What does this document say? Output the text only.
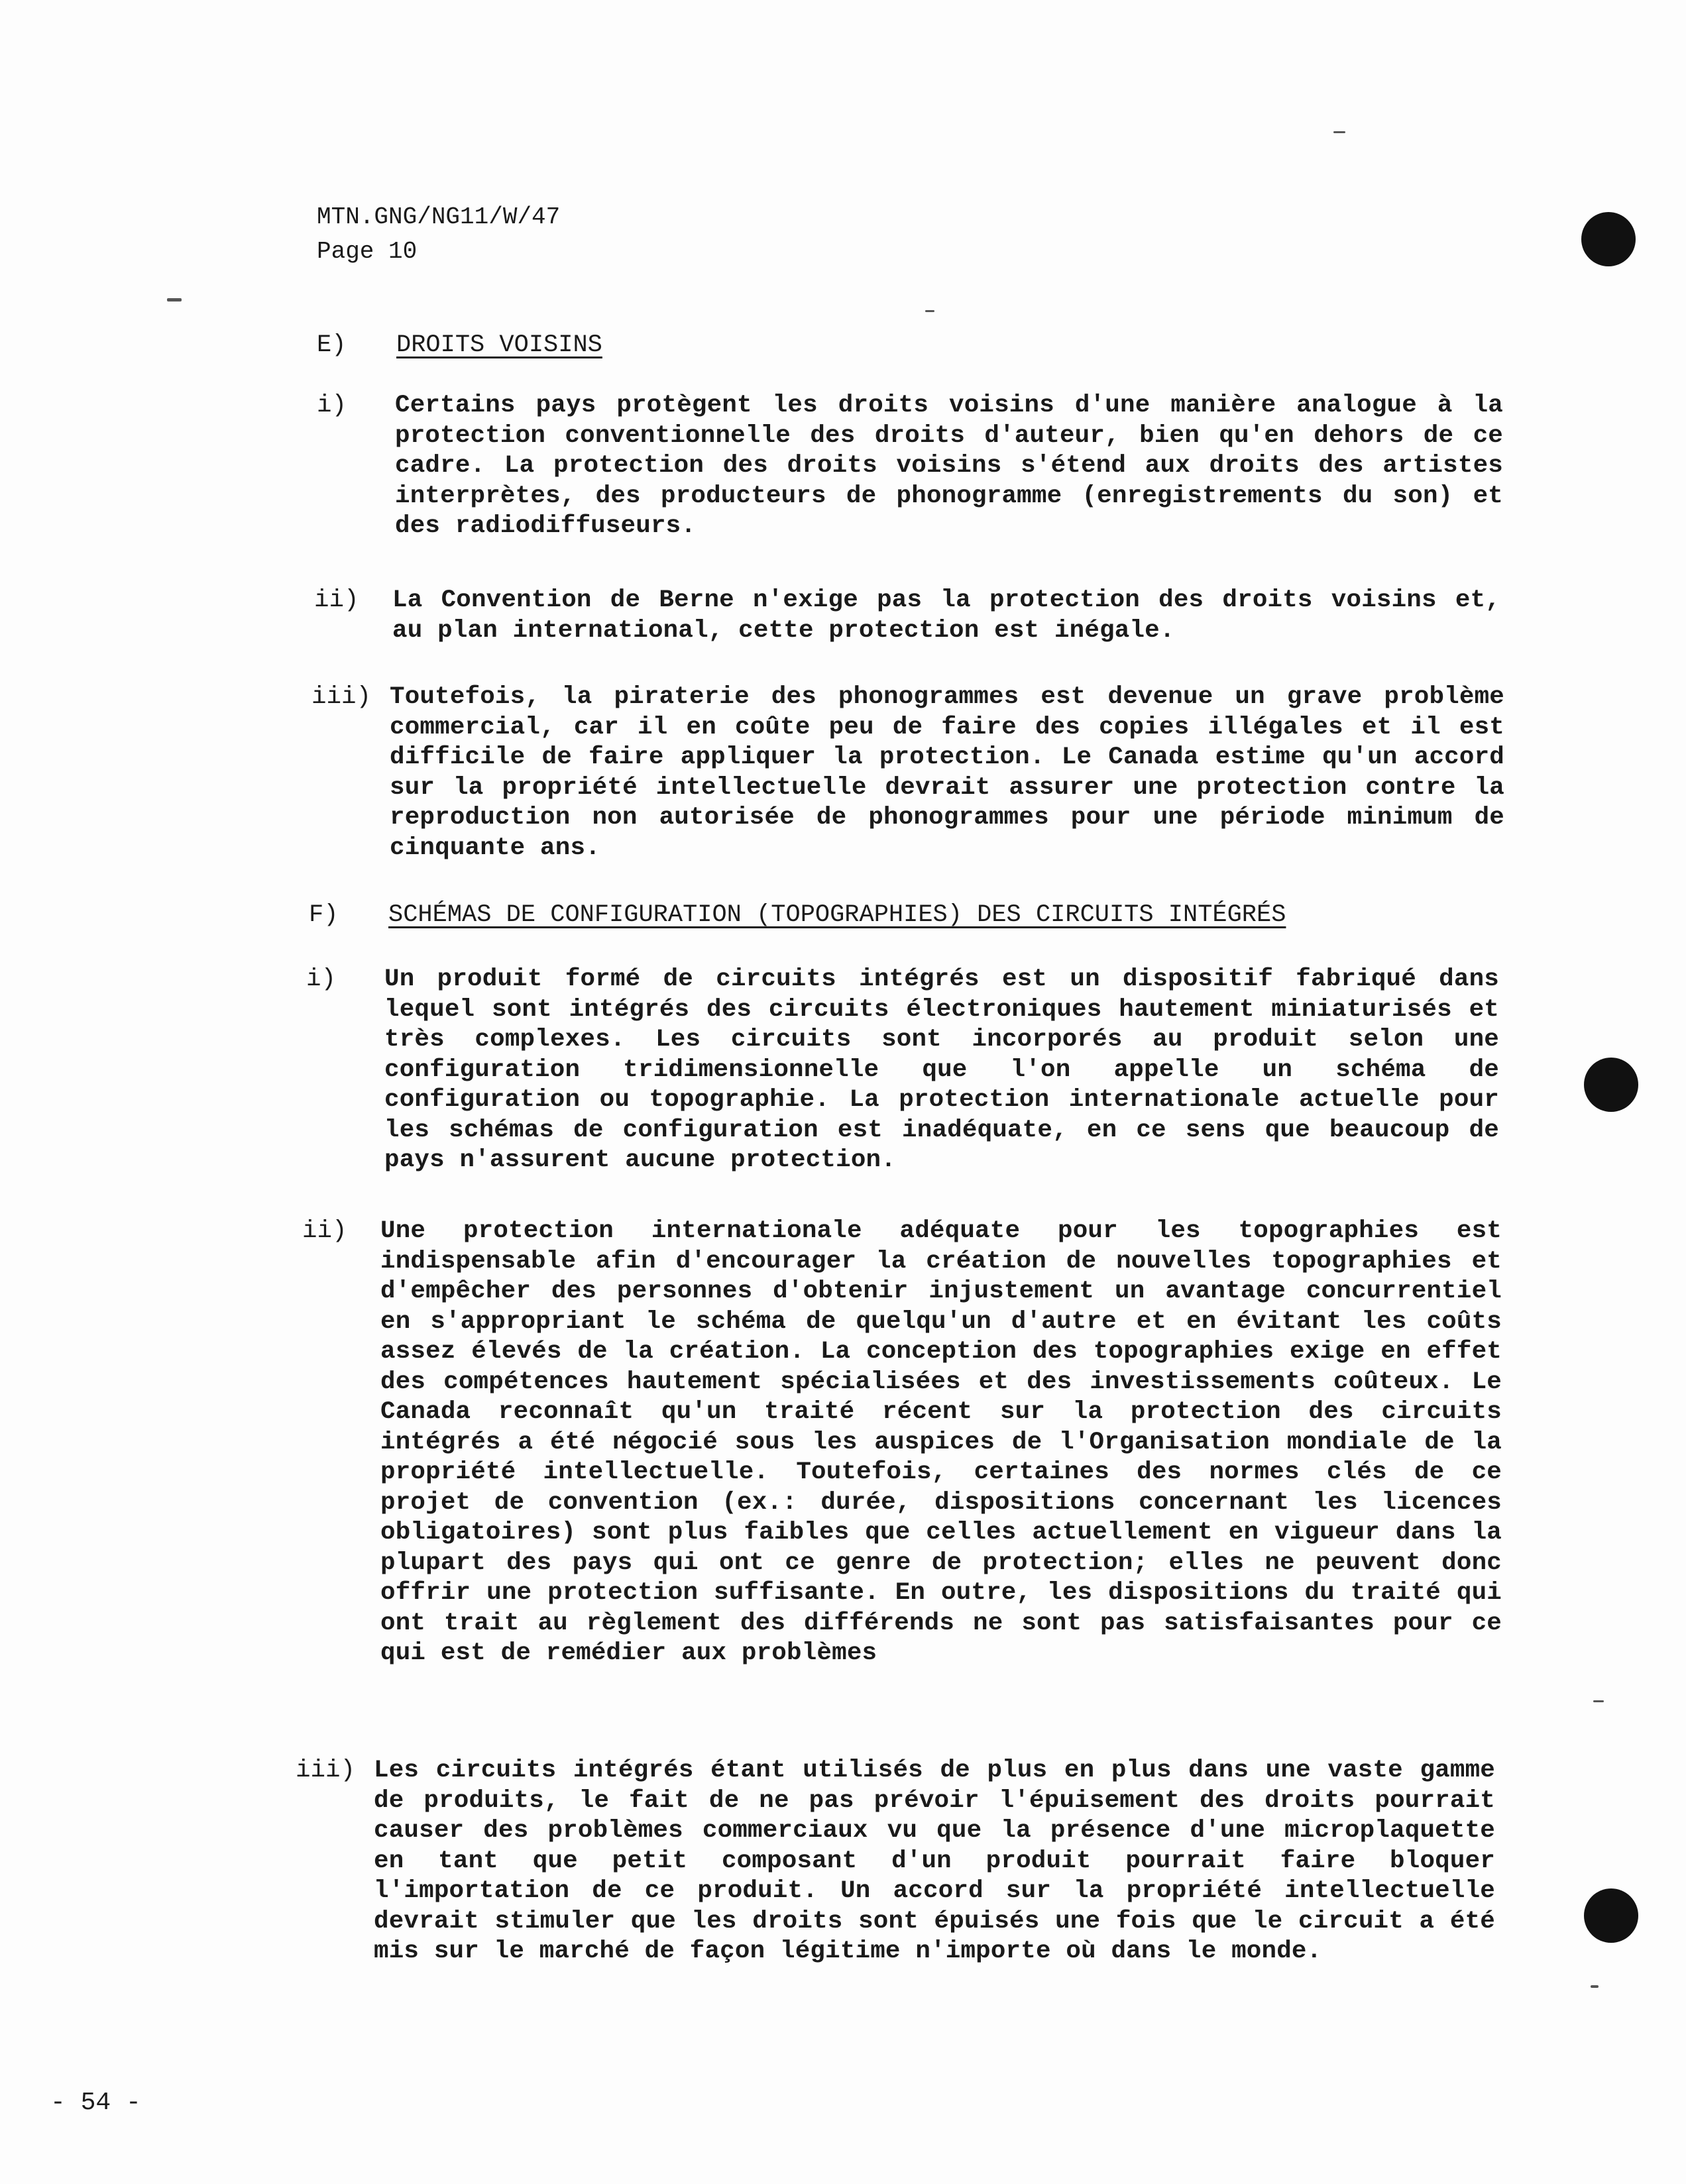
MTN.GNG/NG11/W/47
Page 10
E)	DROITS VOISINS
i)	Certains pays protègent les droits voisins d'une manière analogue à la protection conventionnelle des droits d'auteur, bien qu'en dehors de ce cadre. La protection des droits voisins s'étend aux droits des artistes interprètes, des producteurs de phonogramme (enregistrements du son) et des radiodiffuseurs.
ii)	La Convention de Berne n'exige pas la protection des droits voisins et, au plan international, cette protection est inégale.
iii) Toutefois, la piraterie des phonogrammes est devenue un grave problème commercial, car il en coûte peu de faire des copies illégales et il est difficile de faire appliquer la protection. Le Canada estime qu'un accord sur la propriété intellectuelle devrait assurer une protection contre la reproduction non autorisée de phonogrammes pour une période minimum de cinquante ans.
F)	SCHÉMAS DE CONFIGURATION (TOPOGRAPHIES) DES CIRCUITS INTÉGRÉS
i)	Un produit formé de circuits intégrés est un dispositif fabriqué dans lequel sont intégrés des circuits électroniques hautement miniaturisés et très complexes. Les circuits sont incorporés au produit selon une configuration tridimensionnelle que l'on appelle un schéma de configuration ou topographie. La protection internationale actuelle pour les schémas de configuration est inadéquate, en ce sens que beaucoup de pays n'assurent aucune protection.
ii)	Une protection internationale adéquate pour les topographies est indispensable afin d'encourager la création de nouvelles topographies et d'empêcher des personnes d'obtenir injustement un avantage concurrentiel en s'appropriant le schéma de quelqu'un d'autre et en évitant les coûts assez élevés de la création. La conception des topographies exige en effet des compétences hautement spécialisées et des investissements coûteux. Le Canada reconnaît qu'un traité récent sur la protection des circuits intégrés a été négocié sous les auspices de l'Organisation mondiale de la propriété intellectuelle. Toutefois, certaines des normes clés de ce projet de convention (ex.: durée, dispositions concernant les licences obligatoires) sont plus faibles que celles actuellement en vigueur dans la plupart des pays qui ont ce genre de protection; elles ne peuvent donc offrir une protection suffisante. En outre, les dispositions du traité qui ont trait au règlement des différends ne sont pas satisfaisantes pour ce qui est de remédier aux problèmes
iii) Les circuits intégrés étant utilisés de plus en plus dans une vaste gamme de produits, le fait de ne pas prévoir l'épuisement des droits pourrait causer des problèmes commerciaux vu que la présence d'une microplaquette en tant que petit composant d'un produit pourrait faire bloquer l'importation de ce produit. Un accord sur la propriété intellectuelle devrait stimuler que les droits sont épuisés une fois que le circuit a été mis sur le marché de façon légitime n'importe où dans le monde.
- 54 -
